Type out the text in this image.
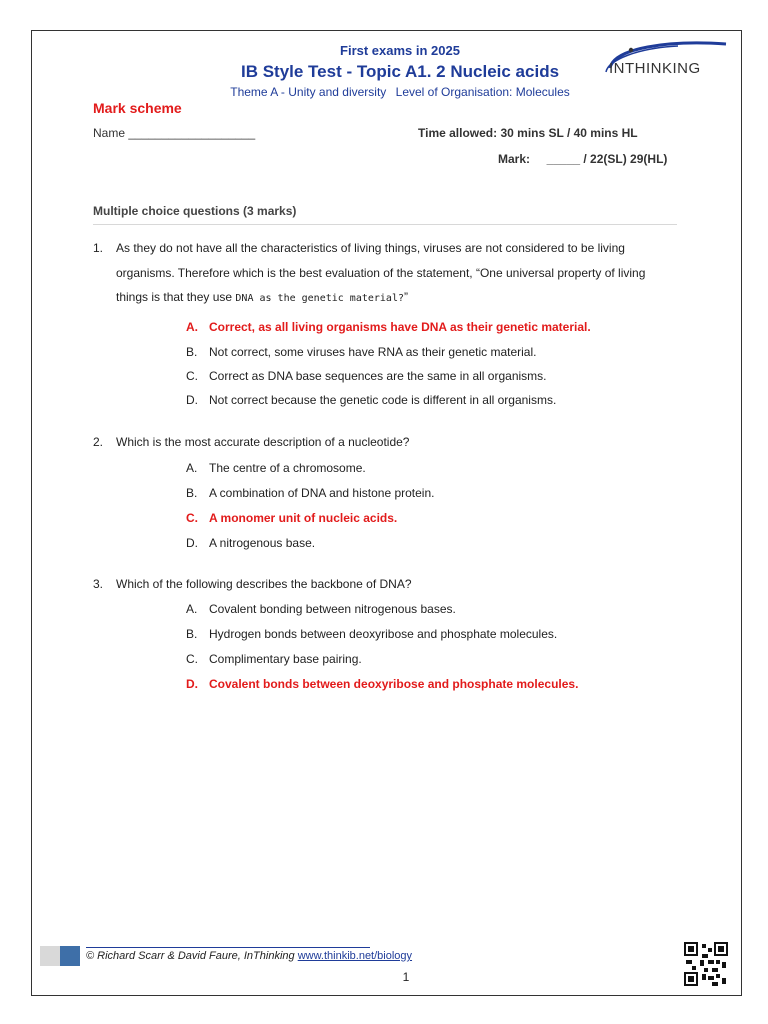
First exams in 2025
IB Style Test - Topic A1. 2 Nucleic acids
Theme A - Unity and diversity Level of Organisation: Molecules
INTHINKING
Mark scheme
Name ___________________	Time allowed: 30 mins SL / 40 mins HL
Mark:     _____ / 22(SL) 29(HL)
Multiple choice questions (3 marks)
1.	As they do not have all the characteristics of living things, viruses are not considered to be living organisms. Therefore which is the best evaluation of the statement, “One universal property of living things is that they use DNA as the genetic material?”
A. Correct, as all living organisms have DNA as their genetic material.
B. Not correct, some viruses have RNA as their genetic material.
C. Correct as DNA base sequences are the same in all organisms.
D. Not correct because the genetic code is different in all organisms.
2.	Which is the most accurate description of a nucleotide?
A. The centre of a chromosome.
B. A combination of DNA and histone protein.
C. A monomer unit of nucleic acids.
D. A nitrogenous base.
3.	Which of the following describes the backbone of DNA?
A. Covalent bonding between nitrogenous bases.
B. Hydrogen bonds between deoxyribose and phosphate molecules.
C. Complimentary base pairing.
D. Covalent bonds between deoxyribose and phosphate molecules.
© Richard Scarr & David Faure, InThinking www.thinkib.net/biology
1
